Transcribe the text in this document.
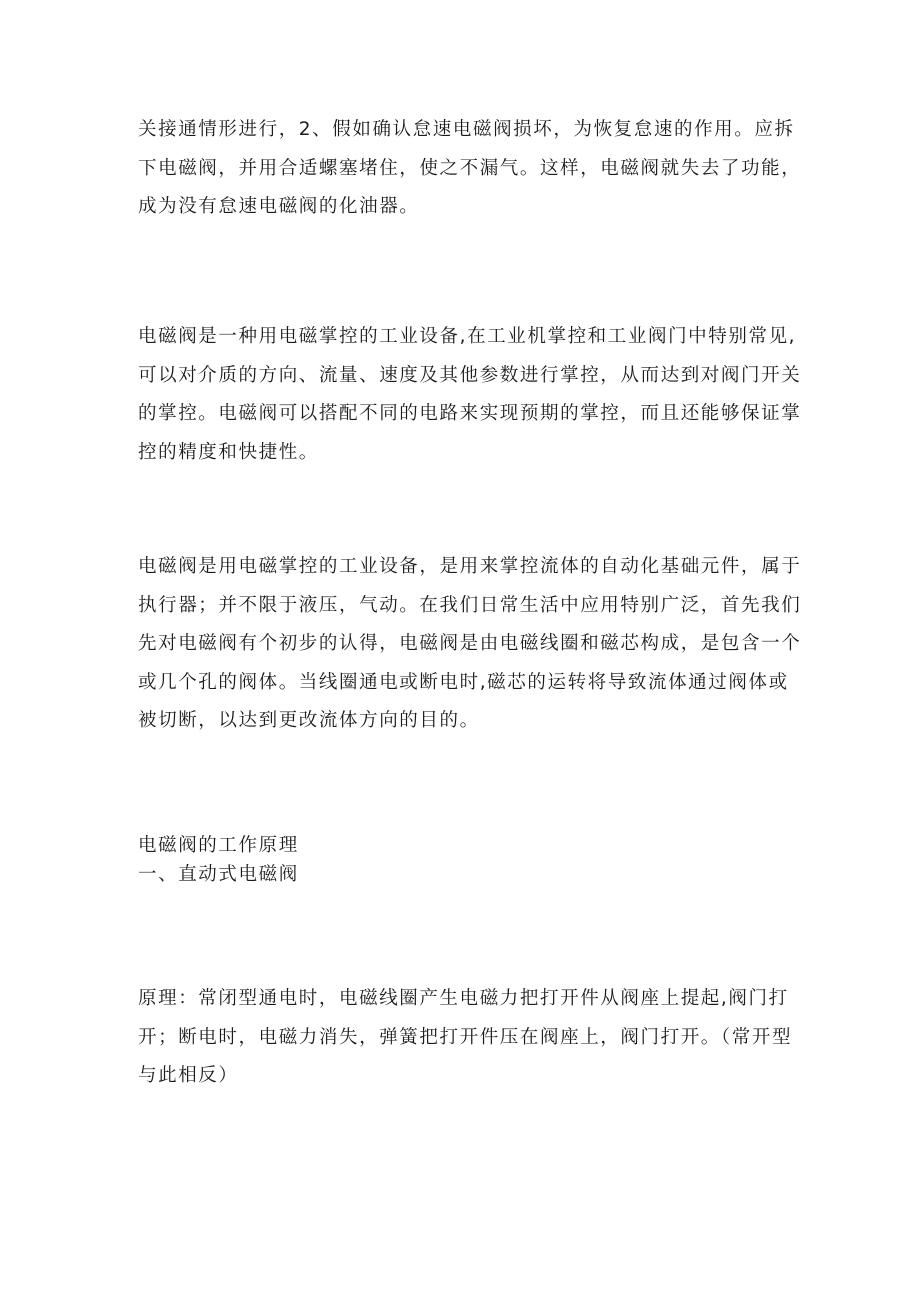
关接通情形进行，2、假如确认怠速电磁阀损坏，为恢复怠速的作用。应拆
下电磁阀，并用合适螺塞堵住，使之不漏气。这样，电磁阀就失去了功能，
成为没有怠速电磁阀的化油器。

电磁阀是一种用电磁掌控的工业设备,在工业机掌控和工业阀门中特别常见,
可以对介质的方向、流量、速度及其他参数进行掌控，从而达到对阀门开关
的掌控。电磁阀可以搭配不同的电路来实现预期的掌控，而且还能够保证掌
控的精度和快捷性。

电磁阀是用电磁掌控的工业设备，是用来掌控流体的自动化基础元件，属于
执行器；并不限于液压，气动。在我们日常生活中应用特别广泛，首先我们
先对电磁阀有个初步的认得，电磁阀是由电磁线圈和磁芯构成，是包含一个
或几个孔的阀体。当线圈通电或断电时,磁芯的运转将导致流体通过阀体或
被切断，以达到更改流体方向的目的。

电磁阀的工作原理
一、直动式电磁阀

原理：常闭型通电时，电磁线圈产生电磁力把打开件从阀座上提起,阀门打
开；断电时，电磁力消失，弹簧把打开件压在阀座上，阀门打开。（常开型
与此相反）
